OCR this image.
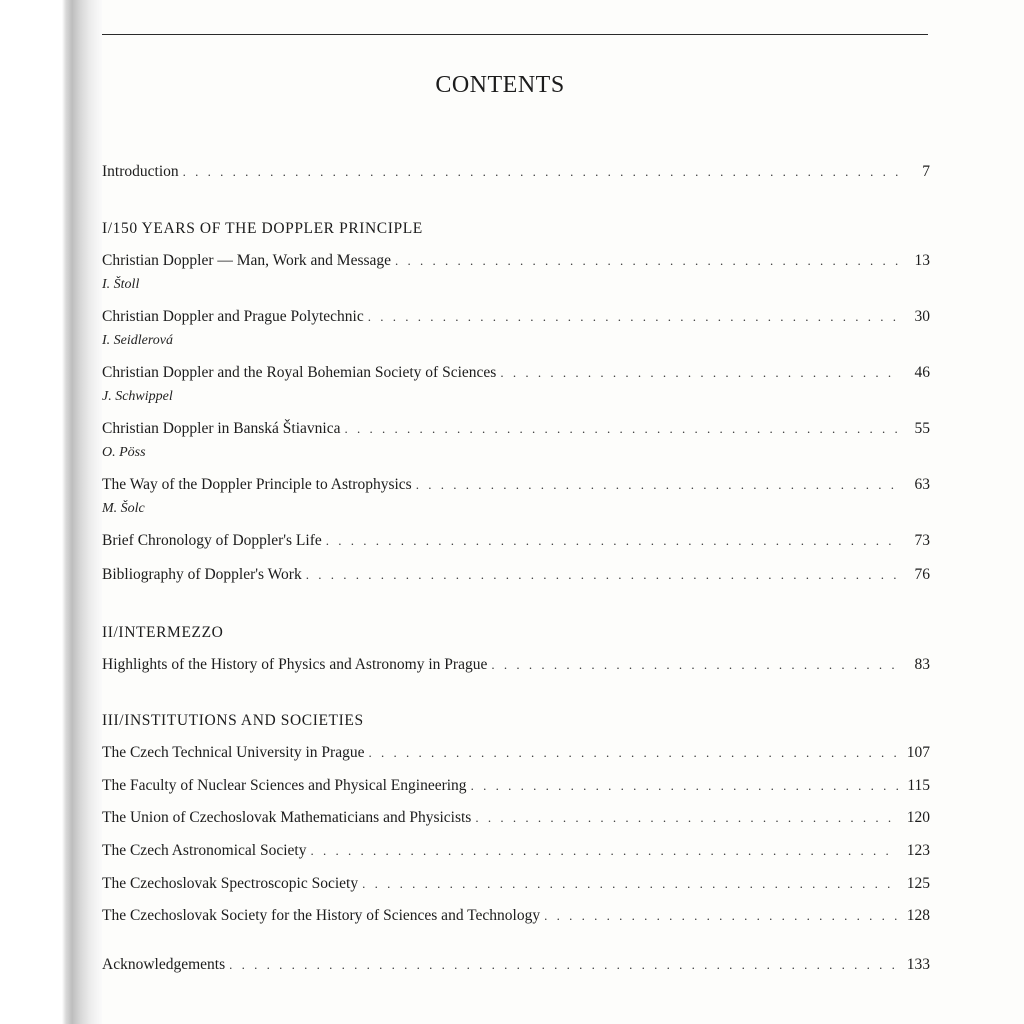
CONTENTS
Introduction . . .	7
I/150 YEARS OF THE DOPPLER PRINCIPLE
Christian Doppler — Man, Work and Message . . .	13
I. Štoll
Christian Doppler and Prague Polytechnic . . .	30
I. Seidlerová
Christian Doppler and the Royal Bohemian Society of Sciences . . .	46
J. Schwippel
Christian Doppler in Banská Štiavnica . . .	55
O. Pöss
The Way of the Doppler Principle to Astrophysics . . .	63
M. Šolc
Brief Chronology of Doppler's Life . . .	73
Bibliography of Doppler's Work . . .	76
II/INTERMEZZO
Highlights of the History of Physics and Astronomy in Prague . . .	83
III/INSTITUTIONS AND SOCIETIES
The Czech Technical University in Prague . . .	107
The Faculty of Nuclear Sciences and Physical Engineering . . .	115
The Union of Czechoslovak Mathematicians and Physicists . . .	120
The Czech Astronomical Society . . .	123
The Czechoslovak Spectroscopic Society . . .	125
The Czechoslovak Society for the History of Sciences and Technology . . .	128
Acknowledgements . . .	133
